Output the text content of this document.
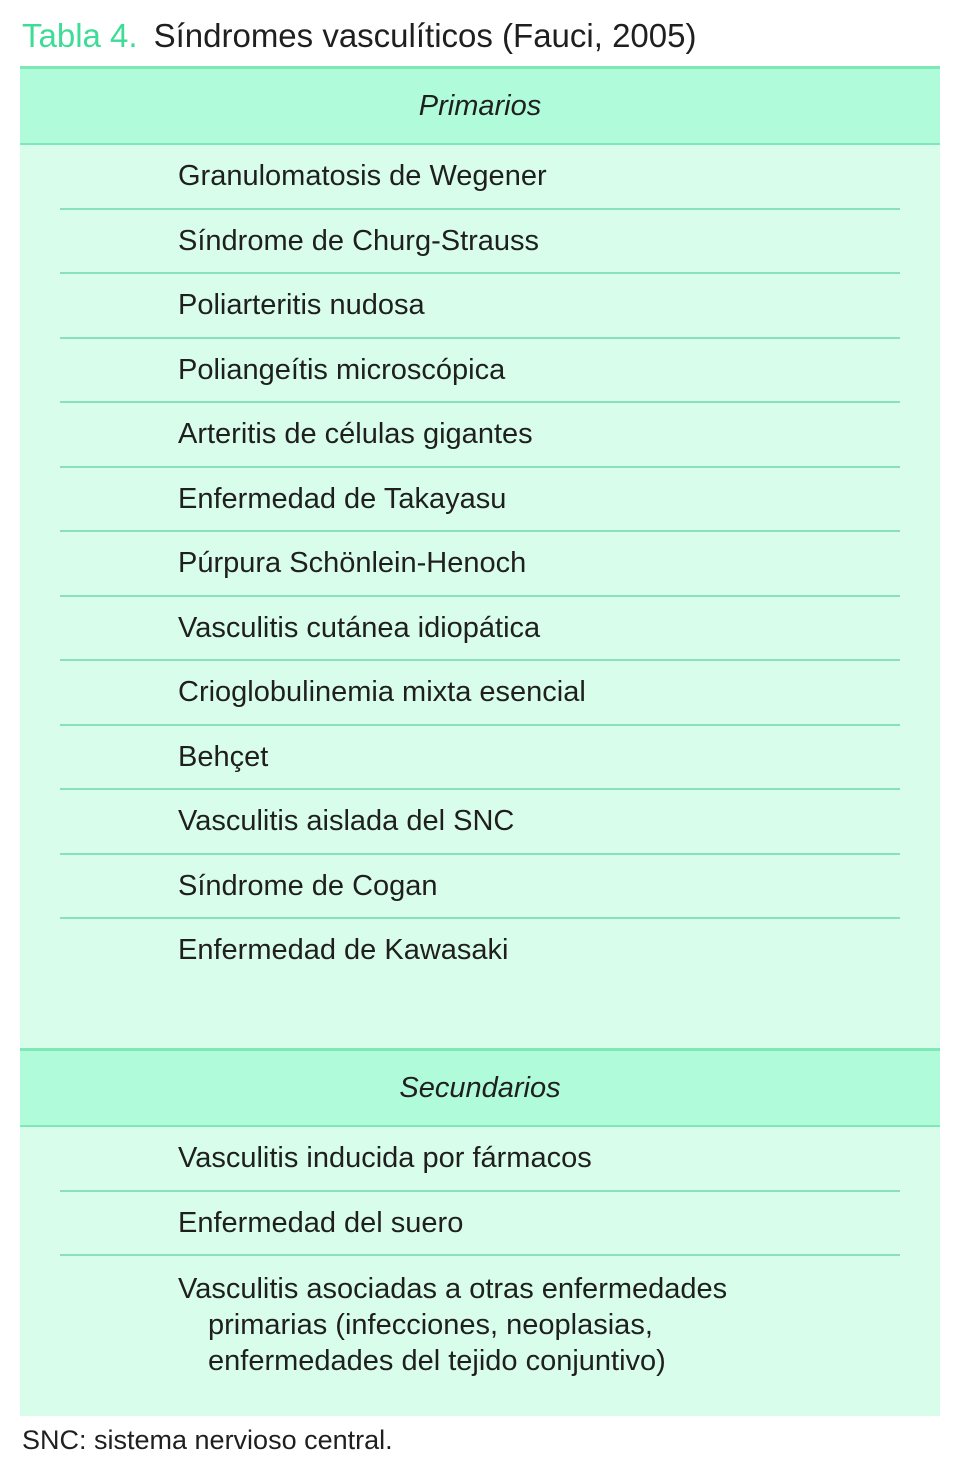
Tabla 4. Síndromes vasculíticos (Fauci, 2005)
Primarios
Granulomatosis de Wegener
Síndrome de Churg-Strauss
Poliarteritis nudosa
Poliangeítis microscópica
Arteritis de células gigantes
Enfermedad de Takayasu
Púrpura Schönlein-Henoch
Vasculitis cutánea idiopática
Crioglobulinemia mixta esencial
Behçet
Vasculitis aislada del SNC
Síndrome de Cogan
Enfermedad de Kawasaki
Secundarios
Vasculitis inducida por fármacos
Enfermedad del suero
Vasculitis asociadas a otras enfermedades
primarias (infecciones, neoplasias,
enfermedades del tejido conjuntivo)
SNC: sistema nervioso central.
